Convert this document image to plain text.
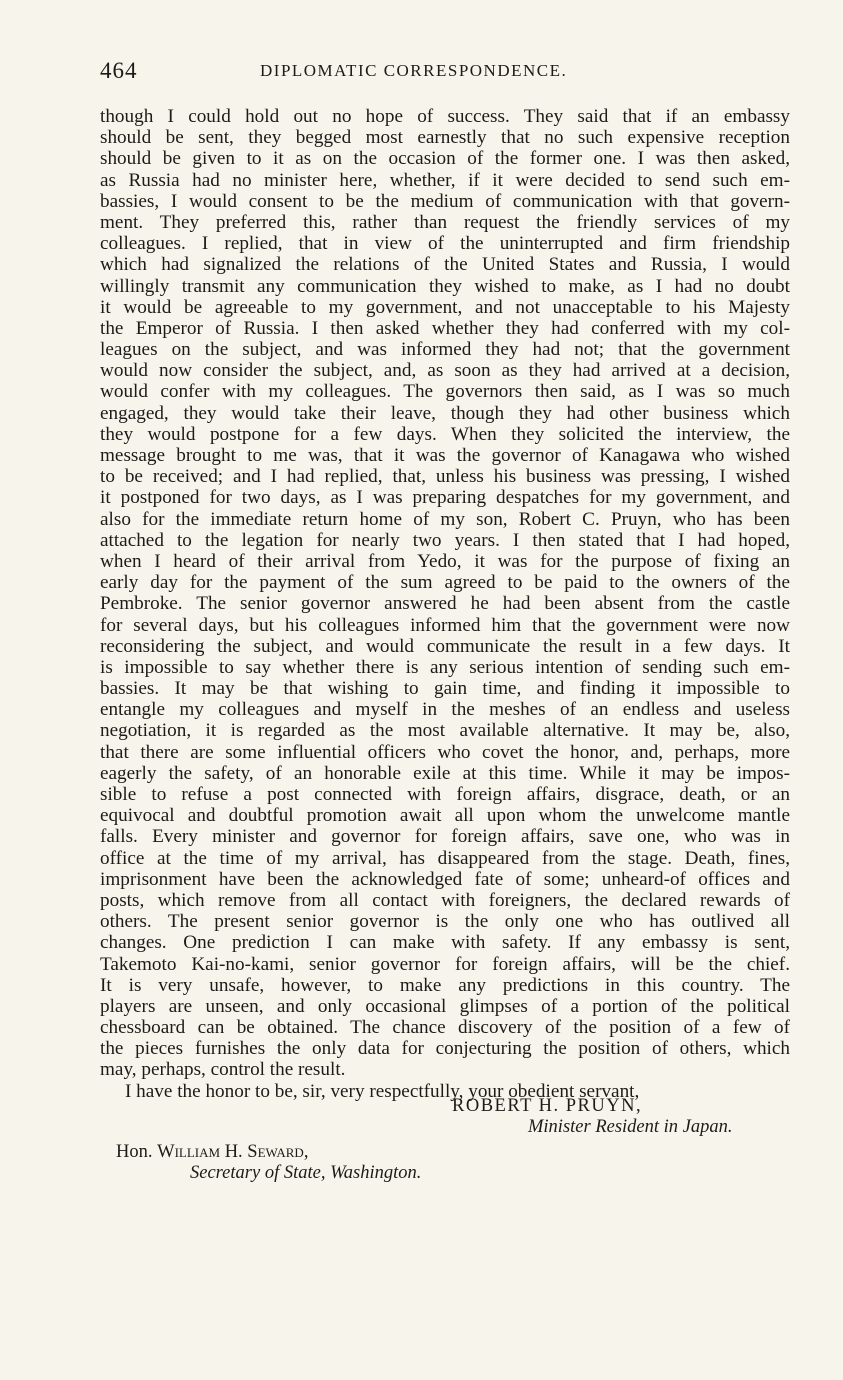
464	DIPLOMATIC CORRESPONDENCE.
though I could hold out no hope of success. They said that if an embassy
should be sent, they begged most earnestly that no such expensive reception
should be given to it as on the occasion of the former one. I was then asked,
as Russia had no minister here, whether, if it were decided to send such em-
bassies, I would consent to be the medium of communication with that govern-
ment. They preferred this, rather than request the friendly services of my
colleagues. I replied, that in view of the uninterrupted and firm friendship
which had signalized the relations of the United States and Russia, I would
willingly transmit any communication they wished to make, as I had no doubt
it would be agreeable to my government, and not unacceptable to his Majesty
the Emperor of Russia. I then asked whether they had conferred with my col-
leagues on the subject, and was informed they had not; that the government
would now consider the subject, and, as soon as they had arrived at a decision,
would confer with my colleagues. The governors then said, as I was so much
engaged, they would take their leave, though they had other business which
they would postpone for a few days. When they solicited the interview, the
message brought to me was, that it was the governor of Kanagawa who wished
to be received; and I had replied, that, unless his business was pressing, I wished
it postponed for two days, as I was preparing despatches for my government, and
also for the immediate return home of my son, Robert C. Pruyn, who has been
attached to the legation for nearly two years. I then stated that I had hoped,
when I heard of their arrival from Yedo, it was for the purpose of fixing an
early day for the payment of the sum agreed to be paid to the owners of the
Pembroke. The senior governor answered he had been absent from the castle
for several days, but his colleagues informed him that the government were now
reconsidering the subject, and would communicate the result in a few days. It
is impossible to say whether there is any serious intention of sending such em-
bassies. It may be that wishing to gain time, and finding it impossible to
entangle my colleagues and myself in the meshes of an endless and useless
negotiation, it is regarded as the most available alternative. It may be, also,
that there are some influential officers who covet the honor, and, perhaps, more
eagerly the safety, of an honorable exile at this time. While it may be impos-
sible to refuse a post connected with foreign affairs, disgrace, death, or an
equivocal and doubtful promotion await all upon whom the unwelcome mantle
falls. Every minister and governor for foreign affairs, save one, who was in
office at the time of my arrival, has disappeared from the stage. Death, fines,
imprisonment have been the acknowledged fate of some; unheard-of offices and
posts, which remove from all contact with foreigners, the declared rewards of
others. The present senior governor is the only one who has outlived all
changes. One prediction I can make with safety. If any embassy is sent,
Takemoto Kai-no-kami, senior governor for foreign affairs, will be the chief.
It is very unsafe, however, to make any predictions in this country. The
players are unseen, and only occasional glimpses of a portion of the political
chessboard can be obtained. The chance discovery of the position of a few of
the pieces furnishes the only data for conjecturing the position of others, which
may, perhaps, control the result.
I have the honor to be, sir, very respectfully, your obedient servant,
ROBERT H. PRUYN,
Minister Resident in Japan.
Hon. William H. Seward,
Secretary of State, Washington.
